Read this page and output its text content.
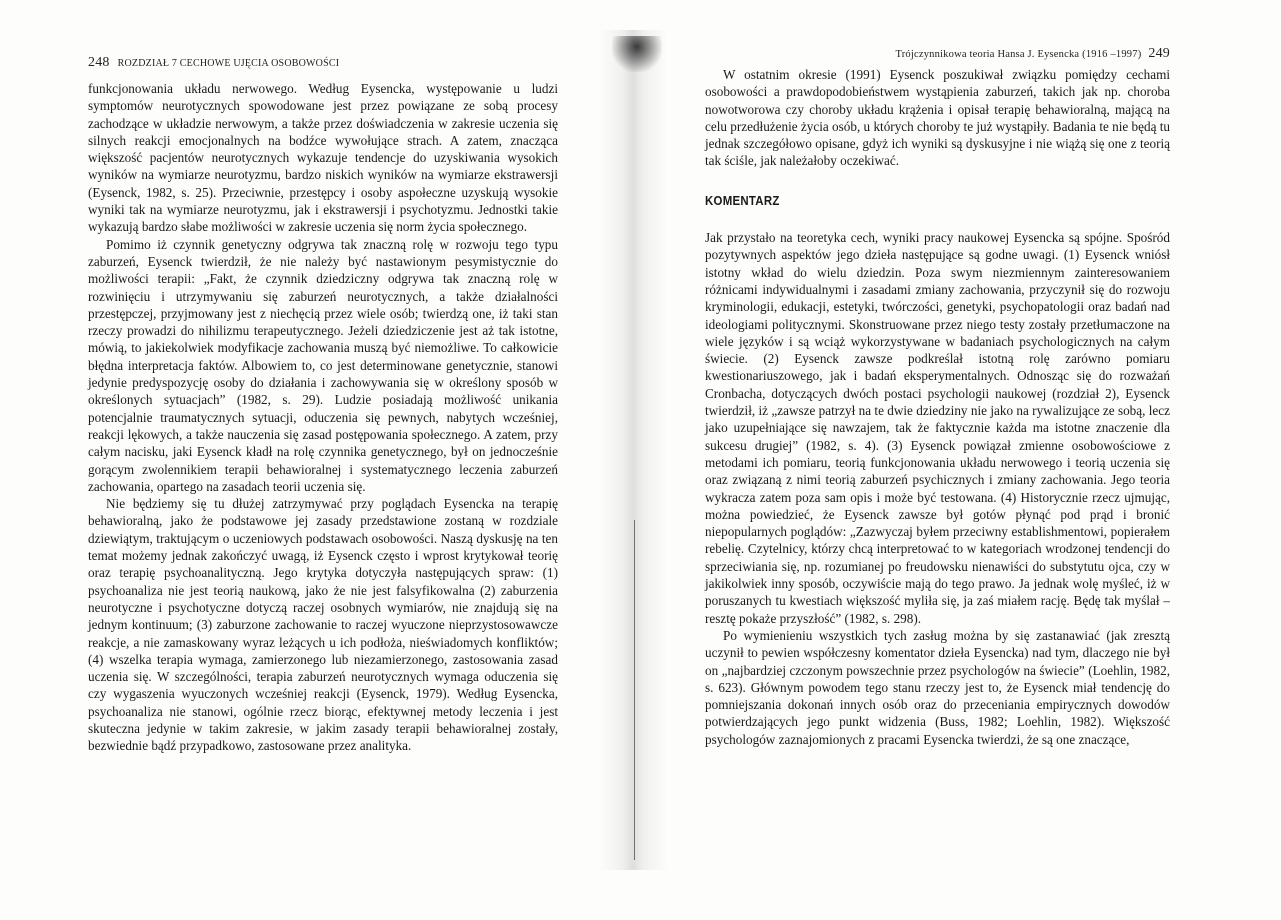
248 ROZDZIAŁ 7 CECHOWE UJĘCIA OSOBOWOŚCI

funkcjonowania układu nerwowego. Według Eysencka, występowanie u ludzi symptomów neurotycznych spowodowane jest przez powiązane ze sobą procesy zachodzące w układzie nerwowym, a także przez doświadczenia w zakresie uczenia się silnych reakcji emocjonalnych na bodźce wywołujące strach. A zatem, znacząca większość pacjentów neurotycznych wykazuje tendencje do uzyskiwania wysokich wyników na wymiarze neurotyzmu, bardzo niskich wyników na wymiarze ekstrawersji (Eysenck, 1982, s. 25). Przeciwnie, przestępcy i osoby aspołeczne uzyskują wysokie wyniki tak na wymiarze neurotyzmu, jak i ekstrawersji i psychotyzmu. Jednostki takie wykazują bardzo słabe możliwości w zakresie uczenia się norm życia społecznego.

Pomimo iż czynnik genetyczny odgrywa tak znaczną rolę w rozwoju tego typu zaburzeń, Eysenck twierdził, że nie należy być nastawionym pesymistycznie do możliwości terapii: „Fakt, że czynnik dziedziczny odgrywa tak znaczną rolę w rozwinięciu i utrzymywaniu się zaburzeń neurotycznych, a także działalności przestępczej, przyjmowany jest z niechęcią przez wiele osób; twierdzą one, iż taki stan rzeczy prowadzi do nihilizmu terapeutycznego. Jeżeli dziedziczenie jest aż tak istotne, mówią, to jakiekolwiek modyfikacje zachowania muszą być niemożliwe. To całkowicie błędna interpretacja faktów. Albowiem to, co jest determinowane genetycznie, stanowi jedynie predyspozycję osoby do działania i zachowywania się w określony sposób w określonych sytuacjach” (1982, s. 29). Ludzie posiadają możliwość unikania potencjalnie traumatycznych sytuacji, oduczenia się pewnych, nabytych wcześniej, reakcji lękowych, a także nauczenia się zasad postępowania społecznego. A zatem, przy całym nacisku, jaki Eysenck kładł na rolę czynnika genetycznego, był on jednocześnie gorącym zwolennikiem terapii behawioralnej i systematycznego leczenia zaburzeń zachowania, opartego na zasadach teorii uczenia się.

Nie będziemy się tu dłużej zatrzymywać przy poglądach Eysencka na terapię behawioralną, jako że podstawowe jej zasady przedstawione zostaną w rozdziale dziewiątym, traktującym o uczeniowych podstawach osobowości. Naszą dyskusję na ten temat możemy jednak zakończyć uwagą, iż Eysenck często i wprost krytykował teorię oraz terapię psychoanalityczną. Jego krytyka dotyczyła następujących spraw: (1) psychoanaliza nie jest teorią naukową, jako że nie jest falsyfikowalna (2) zaburzenia neurotyczne i psychotyczne dotyczą raczej osobnych wymiarów, nie znajdują się na jednym kontinuum; (3) zaburzone zachowanie to raczej wyuczone nieprzystosowawcze reakcje, a nie zamaskowany wyraz leżących u ich podłoża, nieświadomych konfliktów; (4) wszelka terapia wymaga, zamierzonego lub niezamierzonego, zastosowania zasad uczenia się. W szczególności, terapia zaburzeń neurotycznych wymaga oduczenia się czy wygaszenia wyuczonych wcześniej reakcji (Eysenck, 1979). Według Eysencka, psychoanaliza nie stanowi, ogólnie rzecz biorąc, efektywnej metody leczenia i jest skuteczna jedynie w takim zakresie, w jakim zasady terapii behawioralnej zostały, bezwiednie bądź przypadkowo, zastosowane przez analityka.

Trójczynnikowa teoria Hansa J. Eysencka (1916 –1997) 249

W ostatnim okresie (1991) Eysenck poszukiwał związku pomiędzy cechami osobowości a prawdopodobieństwem wystąpienia zaburzeń, takich jak np. choroba nowotworowa czy choroby układu krążenia i opisał terapię behawioralną, mającą na celu przedłużenie życia osób, u których choroby te już wystąpiły. Badania te nie będą tu jednak szczegółowo opisane, gdyż ich wyniki są dyskusyjne i nie wiążą się one z teorią tak ściśle, jak należałoby oczekiwać.

KOMENTARZ

Jak przystało na teoretyka cech, wyniki pracy naukowej Eysencka są spójne. Spośród pozytywnych aspektów jego dzieła następujące są godne uwagi. (1) Eysenck wniósł istotny wkład do wielu dziedzin. Poza swym niezmiennym zainteresowaniem różnicami indywidualnymi i zasadami zmiany zachowania, przyczynił się do rozwoju kryminologii, edukacji, estetyki, twórczości, genetyki, psychopatologii oraz badań nad ideologiami politycznymi. Skonstruowane przez niego testy zostały przetłumaczone na wiele języków i są wciąż wykorzystywane w badaniach psychologicznych na całym świecie. (2) Eysenck zawsze podkreślał istotną rolę zarówno pomiaru kwestionariuszowego, jak i badań eksperymentalnych. Odnosząc się do rozważań Cronbacha, dotyczących dwóch postaci psychologii naukowej (rozdział 2), Eysenck twierdził, iż „zawsze patrzył na te dwie dziedziny nie jako na rywalizujące ze sobą, lecz jako uzupełniające się nawzajem, tak że faktycznie każda ma istotne znaczenie dla sukcesu drugiej” (1982, s. 4). (3) Eysenck powiązał zmienne osobowościowe z metodami ich pomiaru, teorią funkcjonowania układu nerwowego i teorią uczenia się oraz związaną z nimi teorią zaburzeń psychicznych i zmiany zachowania. Jego teoria wykracza zatem poza sam opis i może być testowana. (4) Historycznie rzecz ujmując, można powiedzieć, że Eysenck zawsze był gotów płynąć pod prąd i bronić niepopularnych poglądów: „Zazwyczaj byłem przeciwny establishmentowi, popierałem rebelię. Czytelnicy, którzy chcą interpretować to w kategoriach wrodzonej tendencji do sprzeciwiania się, np. rozumianej po freudowsku nienawiści do substytutu ojca, czy w jakikolwiek inny sposób, oczywiście mają do tego prawo. Ja jednak wolę myśleć, iż w poruszanych tu kwestiach większość myliła się, ja zaś miałem rację. Będę tak myślał – resztę pokaże przyszłość” (1982, s. 298).

Po wymienieniu wszystkich tych zasług można by się zastanawiać (jak zresztą uczynił to pewien współczesny komentator dzieła Eysencka) nad tym, dlaczego nie był on „najbardziej czczonym powszechnie przez psychologów na świecie” (Loehlin, 1982, s. 623). Głównym powodem tego stanu rzeczy jest to, że Eysenck miał tendencję do pomniejszania dokonań innych osób oraz do przeceniania empirycznych dowodów potwierdzających jego punkt widzenia (Buss, 1982; Loehlin, 1982). Większość psychologów zaznajomionych z pracami Eysencka twierdzi, że są one znaczące,
